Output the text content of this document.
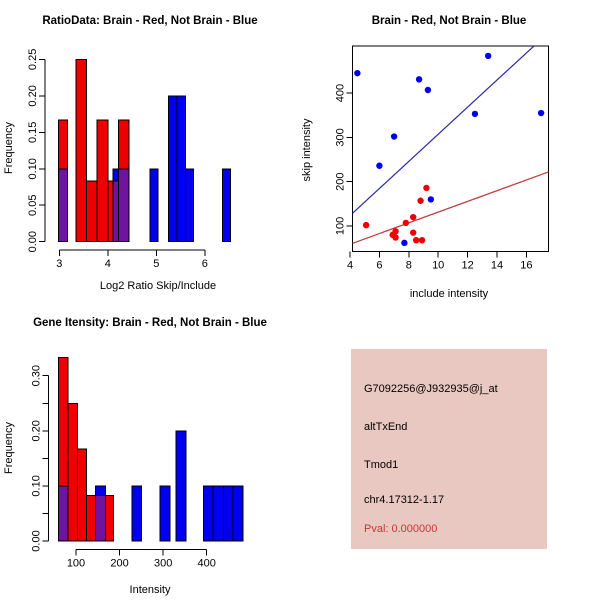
3	4	5	6
0.00
0.05
0.10
0.15
0.20
0.25
4 6 8 10 12 14 16
100
200
300
400
100 200 300 400
0.00
0.10
0.20
0.30
RatioData: Brain - Red, Not Brain - Blue
Log2 Ratio Skip/Include
Frequency
Brain - Red, Not Brain - Blue
include intensity
skip intensity
Gene Itensity: Brain - Red, Not Brain - Blue
Intensity
Frequency
G7092256@J932935@j_at
altTxEnd
Tmod1
chr4.17312-1.17
Pval: 0.000000
